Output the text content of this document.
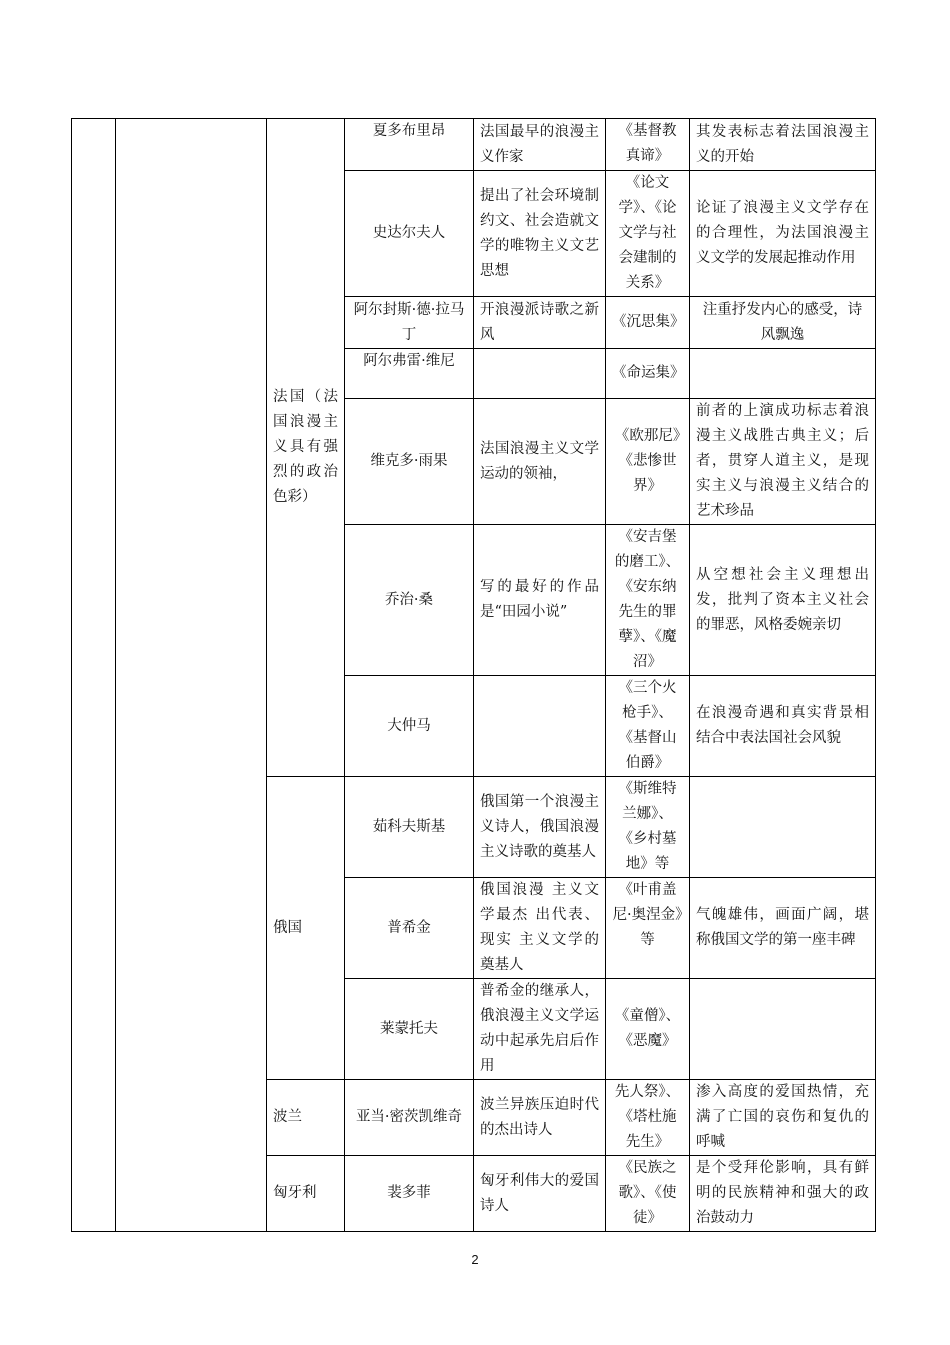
		法国（法国浪漫主义具有强烈的政治色彩）	夏多布里昂	法国最早的浪漫主义作家	《基督教真谛》	其发表标志着法国浪漫主义的开始
			史达尔夫人	提出了社会环境制约文、社会造就文学的唯物主义文艺思想	《论文学》、《论文学与社会建制的关系》	论证了浪漫主义文学存在的合理性，为法国浪漫主义文学的发展起推动作用
			阿尔封斯·德·拉马丁	开浪漫派诗歌之新风	《沉思集》	注重抒发内心的感受，诗风飘逸
			阿尔弗雷·维尼		《命运集》	
			维克多·雨果	法国浪漫主义文学运动的领袖，	《欧那尼》《悲惨世界》	前者的上演成功标志着浪漫主义战胜古典主义；后者，贯穿人道主义，是现实主义与浪漫主义结合的艺术珍品
			乔治·桑	写的最好的作品是“田园小说”	《安吉堡的磨工》、《安东纳先生的罪孽》、《魔沼》	从空想社会主义理想出发，批判了资本主义社会的罪恶，风格委婉亲切
			大仲马		《三个火枪手》、《基督山伯爵》	在浪漫奇遇和真实背景相结合中表法国社会风貌
		俄国	茹科夫斯基	俄国第一个浪漫主义诗人，俄国浪漫主义诗歌的奠基人	《斯维特兰娜》、《乡村墓地》等	
			普希金	俄国浪漫 主义文学最杰 出代表、现实 主义文学的奠基人	《叶甫盖尼·奥涅金》等	气魄雄伟，画面广阔，堪称俄国文学的第一座丰碑
			莱蒙托夫	普希金的继承人，俄浪漫主义文学运动中起承先启后作用	《童僧》、《恶魔》	
		波兰	亚当·密茨凯维奇	波兰异族压迫时代的杰出诗人	先人祭》、《塔杜施先生》	渗入高度的爱国热情，充满了亡国的哀伤和复仇的呼喊
		匈牙利	裴多菲	匈牙利伟大的爱国诗人	《民族之歌》、《使徒》	是个受拜伦影响，具有鲜明的民族精神和强大的政治鼓动力
2
